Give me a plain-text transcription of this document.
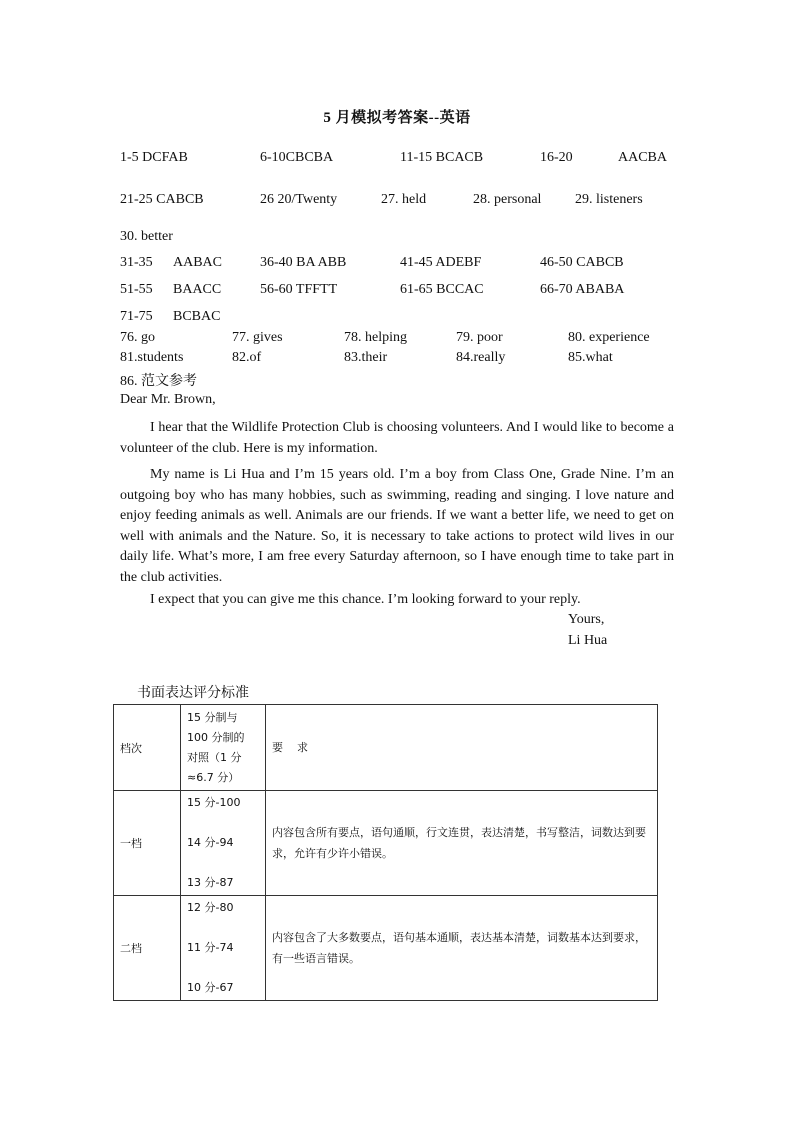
5 月模拟考答案--英语
1-5 DCFAB	6-10CBCBA	11-15 BCACB	16-20	AACBA
21-25 CABCB	26 20/Twenty	27. held	28. personal 29. listeners
30. better
31-35 AABAC	36-40 BA ABB	41-45 ADEBF	46-50 CABCB
51-55 BAACC	56-60 TFFTT	61-65 BCCAC	66-70 ABABA
71-75 BCBAC
76. go	77. gives	78. helping	79. poor	80. experience
81.students	82.of	83.their	84.really	85.what
86. 范文参考
Dear Mr. Brown,

I hear that the Wildlife Protection Club is choosing volunteers. And I would like to become a volunteer of the club. Here is my information.

My name is Li Hua and I’m 15 years old. I’m a boy from Class One, Grade Nine. I’m an outgoing boy who has many hobbies, such as swimming, reading and singing. I love nature and enjoy feeding animals as well. Animals are our friends. If we want a better life, we need to get on well with animals and the Nature. So, it is necessary to take actions to protect wild lives in our daily life. What’s more, I am free every Saturday afternoon, so I have enough time to take part in the club activities.

I expect that you can give me this chance. I’m looking forward to your reply.

Yours,
Li Hua
书面表达评分标准
档次	15 分制与
100 分制的
对照（1 分
≈6.7 分）	要    求
一档	15 分-100
14 分-94
13 分-87	内容包含所有要点，语句通顺，行文连贯，表达清楚，书写整洁，词数达到要求，允许有少许小错误。
二档	12 分-80
11 分-74
10 分-67	内容包含了大多数要点，语句基本通顺，表达基本清楚，词数基本达到要求，有一些语言错误。
